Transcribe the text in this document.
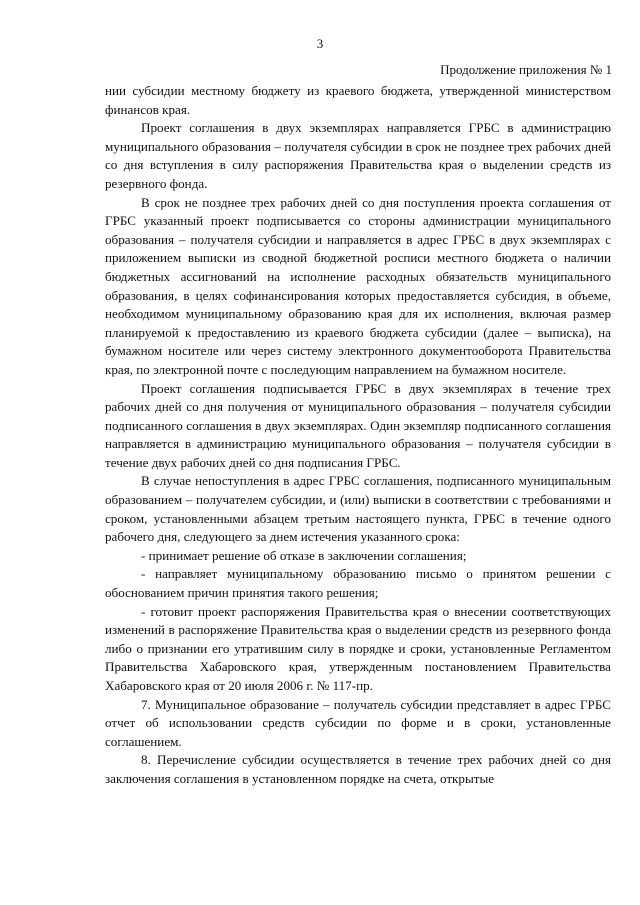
3
Продолжение приложения № 1

нии субсидии местному бюджету из краевого бюджета, утвержденной министерством финансов края.

Проект соглашения в двух экземплярах направляется ГРБС в администрацию муниципального образования – получателя субсидии в срок не позднее трех рабочих дней со дня вступления в силу распоряжения Правительства края о выделении средств из резервного фонда.

В срок не позднее трех рабочих дней со дня поступления проекта соглашения от ГРБС указанный проект подписывается со стороны администрации муниципального образования – получателя субсидии и направляется в адрес ГРБС в двух экземплярах с приложением выписки из сводной бюджетной росписи местного бюджета о наличии бюджетных ассигнований на исполнение расходных обязательств муниципального образования, в целях софинансирования которых предоставляется субсидия, в объеме, необходимом муниципальному образованию края для их исполнения, включая размер планируемой к предоставлению из краевого бюджета субсидии (далее – выписка), на бумажном носителе или через систему электронного документооборота Правительства края, по электронной почте с последующим направлением на бумажном носителе.

Проект соглашения подписывается ГРБС в двух экземплярах в течение трех рабочих дней со дня получения от муниципального образования – получателя субсидии подписанного соглашения в двух экземплярах. Один экземпляр подписанного соглашения направляется в администрацию муниципального образования – получателя субсидии в течение двух рабочих дней со дня подписания ГРБС.

В случае непоступления в адрес ГРБС соглашения, подписанного муниципальным образованием – получателем субсидии, и (или) выписки в соответствии с требованиями и сроком, установленными абзацем третьим настоящего пункта, ГРБС в течение одного рабочего дня, следующего за днем истечения указанного срока:

- принимает решение об отказе в заключении соглашения;

- направляет муниципальному образованию письмо о принятом решении с обоснованием причин принятия такого решения;

- готовит проект распоряжения Правительства края о внесении соответствующих изменений в распоряжение Правительства края о выделении средств из резервного фонда либо о признании его утратившим силу в порядке и сроки, установленные Регламентом Правительства Хабаровского края, утвержденным постановлением Правительства Хабаровского края от 20 июля 2006 г. № 117-пр.

7. Муниципальное образование – получатель субсидии представляет в адрес ГРБС отчет об использовании средств субсидии по форме и в сроки, установленные соглашением.

8. Перечисление субсидии осуществляется в течение трех рабочих дней со дня заключения соглашения в установленном порядке на счета, открытые
